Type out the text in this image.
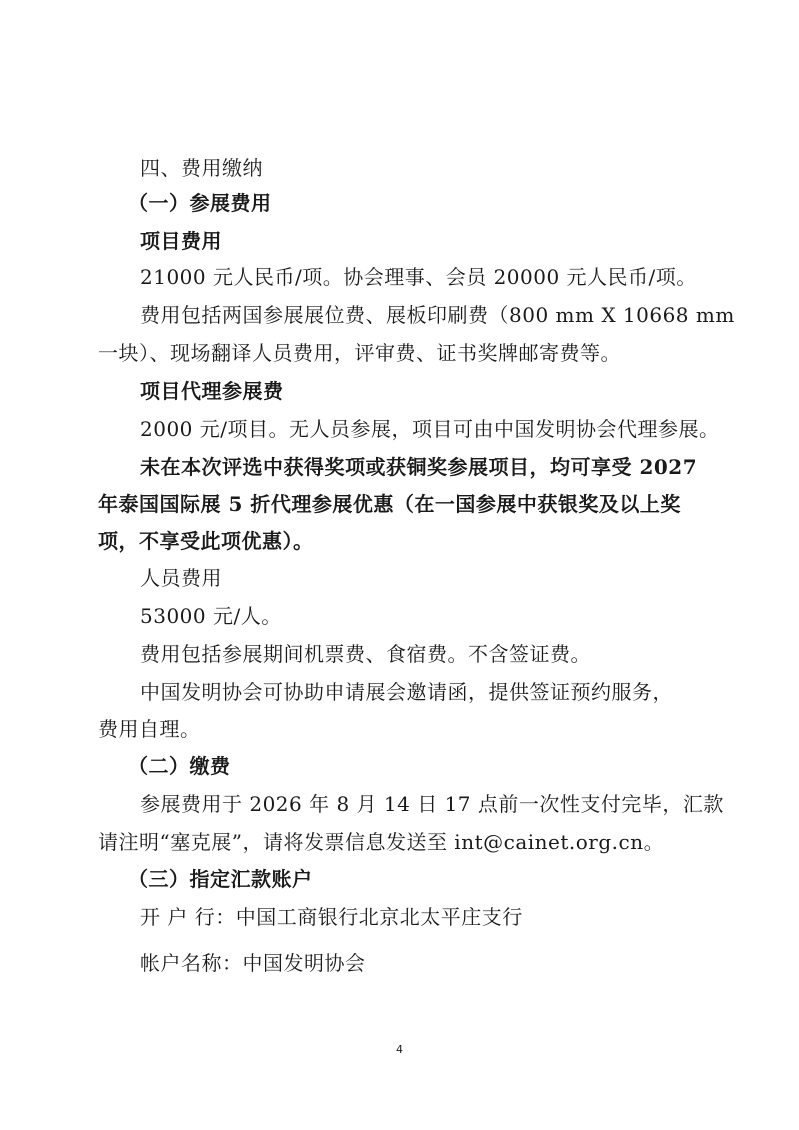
四、费用缴纳
（一）参展费用
项目费用
21000 元人民币/项。协会理事、会员 20000 元人民币/项。
费用包括两国参展展位费、展板印刷费（800 mm X 10668 mm
一块）、现场翻译人员费用，评审费、证书奖牌邮寄费等。
项目代理参展费
2000 元/项目。无人员参展，项目可由中国发明协会代理参展。
未在本次评选中获得奖项或获铜奖参展项目，均可享受 2027
年泰国国际展 5 折代理参展优惠（在一国参展中获银奖及以上奖
项，不享受此项优惠）。
人员费用
53000 元/人。
费用包括参展期间机票费、食宿费。不含签证费。
中国发明协会可协助申请展会邀请函，提供签证预约服务，
费用自理。
（二）缴费
参展费用于 2026 年 8 月 14 日 17 点前一次性支付完毕，汇款
请注明“塞克展”，请将发票信息发送至 int@cainet.org.cn。
（三）指定汇款账户
开 户 行：中国工商银行北京北太平庄支行
帐户名称：中国发明协会
4
